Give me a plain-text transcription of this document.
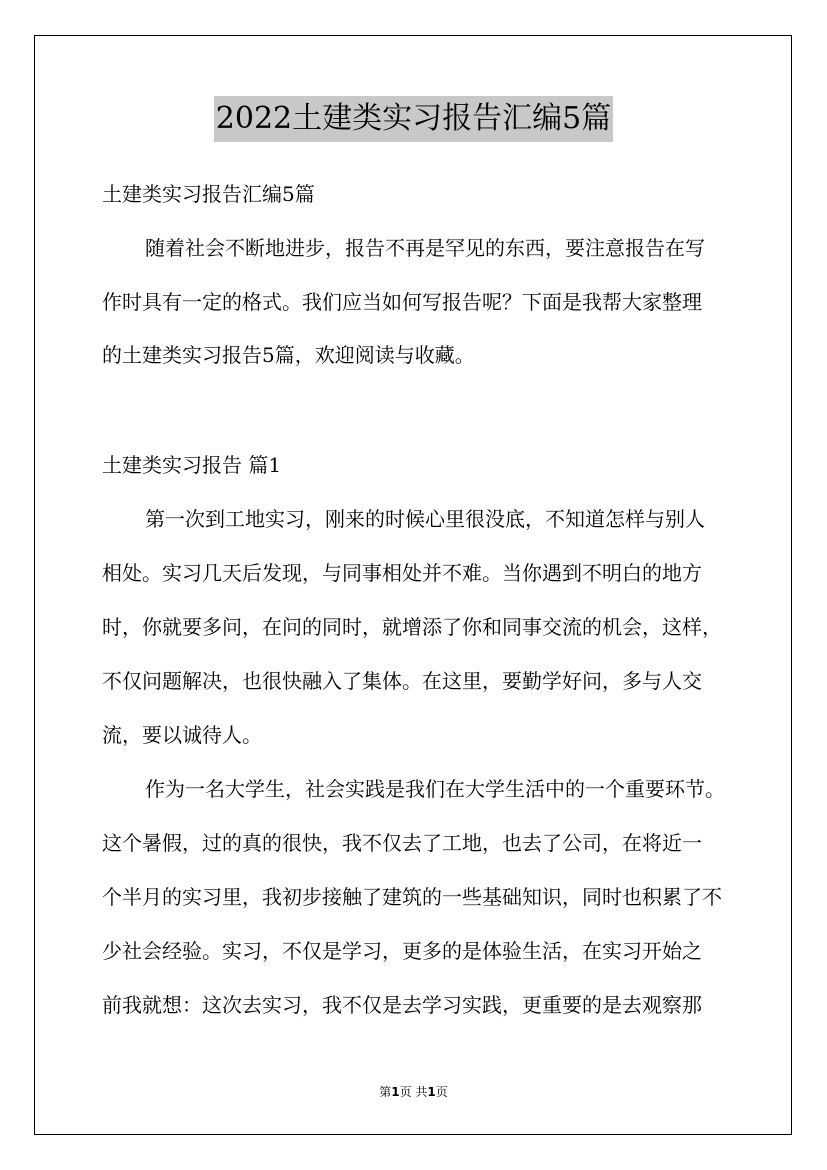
2022土建类实习报告汇编5篇
土建类实习报告汇编5篇
随着社会不断地进步，报告不再是罕见的东西，要注意报告在写
作时具有一定的格式。我们应当如何写报告呢？下面是我帮大家整理
的土建类实习报告5篇，欢迎阅读与收藏。
土建类实习报告 篇1
第一次到工地实习，刚来的时候心里很没底，不知道怎样与别人
相处。实习几天后发现，与同事相处并不难。当你遇到不明白的地方
时，你就要多问，在问的同时，就增添了你和同事交流的机会，这样，
不仅问题解决，也很快融入了集体。在这里，要勤学好问，多与人交
流，要以诚待人。
作为一名大学生，社会实践是我们在大学生活中的一个重要环节。
这个暑假，过的真的很快，我不仅去了工地，也去了公司，在将近一
个半月的实习里，我初步接触了建筑的一些基础知识，同时也积累了不
少社会经验。实习，不仅是学习，更多的是体验生活，在实习开始之
前我就想：这次去实习，我不仅是去学习实践，更重要的是去观察那
第1页 共1页
